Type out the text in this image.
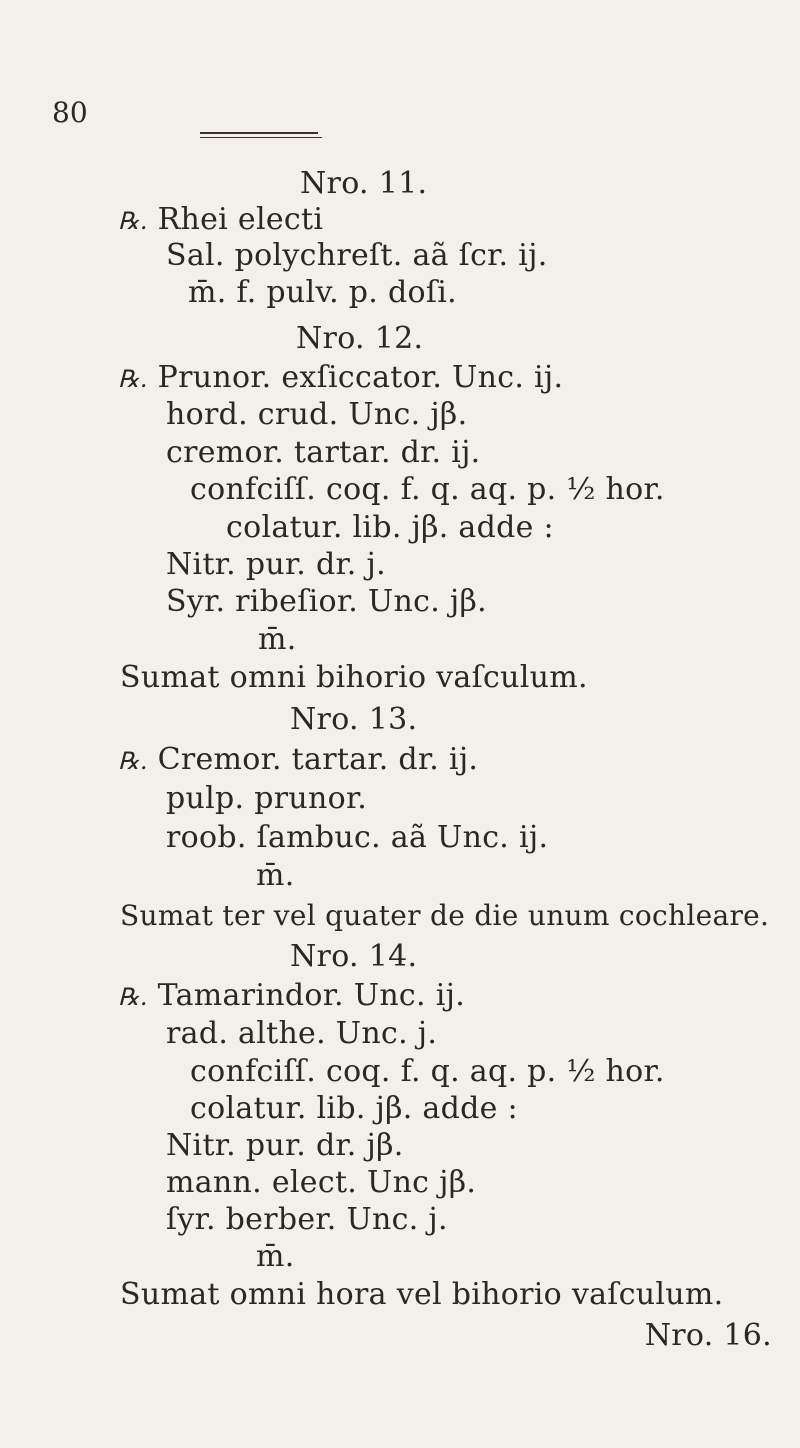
80
Nro. 11.
℞. Rhei electi
Sal. polychreſt. aã ſcr. ij.
m̄. f. pulv. p. doſi.
Nro. 12.
℞. Prunor. exſiccator. Unc. ij.
hord. crud. Unc. jβ.
cremor. tartar. dr. ij.
confciſſ. coq. f. q. aq. p. ½ hor.
colatur. lib. jβ. adde :
Nitr. pur. dr. j.
Syr. ribeſior. Unc. jβ.
m̄.
Sumat omni bihorio vaſculum.
Nro. 13.
℞. Cremor. tartar. dr. ij.
pulp. prunor.
roob. ſambuc. aã Unc. ij.
m̄.
Sumat ter vel quater de die unum cochleare.
Nro. 14.
℞. Tamarindor. Unc. ij.
rad. althe. Unc. j.
confciſſ. coq. f. q. aq. p. ½ hor.
colatur. lib. jβ. adde :
Nitr. pur. dr. jβ.
mann. elect. Unc jβ.
ſyr. berber. Unc. j.
m̄.
Sumat omni hora vel bihorio vaſculum.
Nro. 16.
